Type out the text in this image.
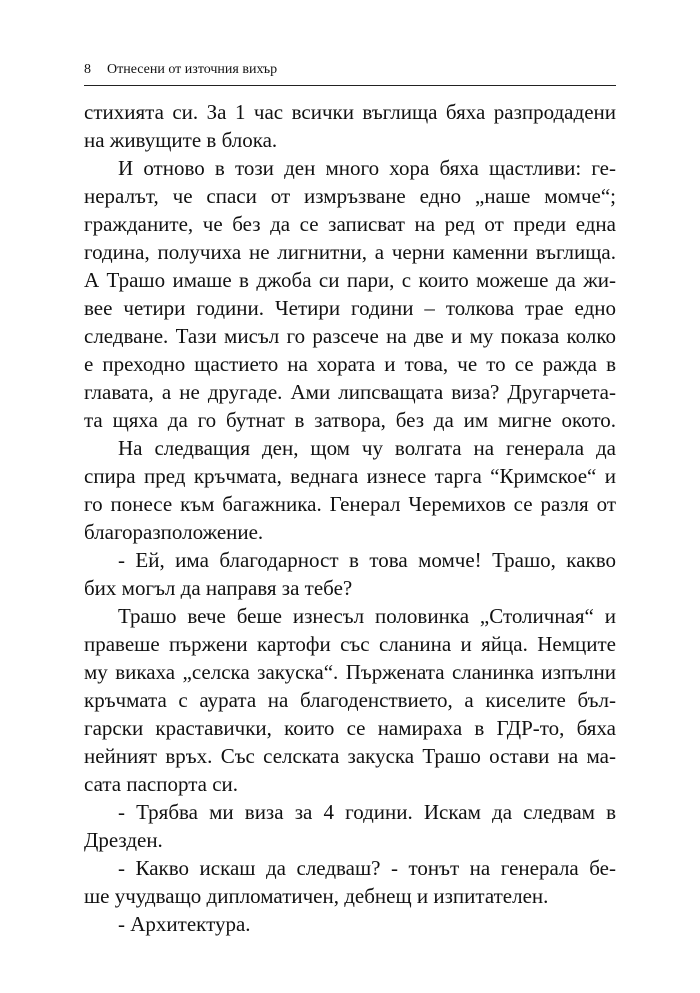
8 Отнесени от източния вихър
стихията си. За 1 час всички въглища бяха разпродадени
на живущите в блока.
И отново в този ден много хора бяха щастливи: ге-
нералът, че спаси от измръзване едно „наше момче“;
гражданите, че без да се записват на ред от преди една
година, получиха не лигнитни, а черни каменни въглища.
А Трашо имаше в джоба си пари, с които можеше да жи-
вее четири години. Четири години – толкова трае едно
следване. Тази мисъл го разсече на две и му показа колко
е преходно щастието на хората и това, че то се ражда в
главата, а не другаде. Ами липсващата виза? Другарчета-
та щяха да го бутнат в затвора, без да им мигне окото.
На следващия ден, щом чу волгата на генерала да
спира пред кръчмата, веднага изнесе тарга “Кримское“ и
го понесе към багажника. Генерал Черемихов се разля от
благоразположение.
- Ей, има благодарност в това момче! Трашо, какво
бих могъл да направя за тебе?
Трашо вече беше изнесъл половинка „Столичная“ и
правеше пържени картофи със сланина и яйца. Немците
му викаха „селска закуска“. Пържената сланинка изпълни
кръчмата с аурата на благоденствието, а киселите бъл-
гарски краставички, които се намираха в ГДР-то, бяха
нейният връх. Със селската закуска Трашо остави на ма-
сата паспорта си.
- Трябва ми виза за 4 години. Искам да следвам в
Дрезден.
- Какво искаш да следваш? - тонът на генерала бе-
ше учудващо дипломатичен, дебнещ и изпитателен.
- Архитектура.
